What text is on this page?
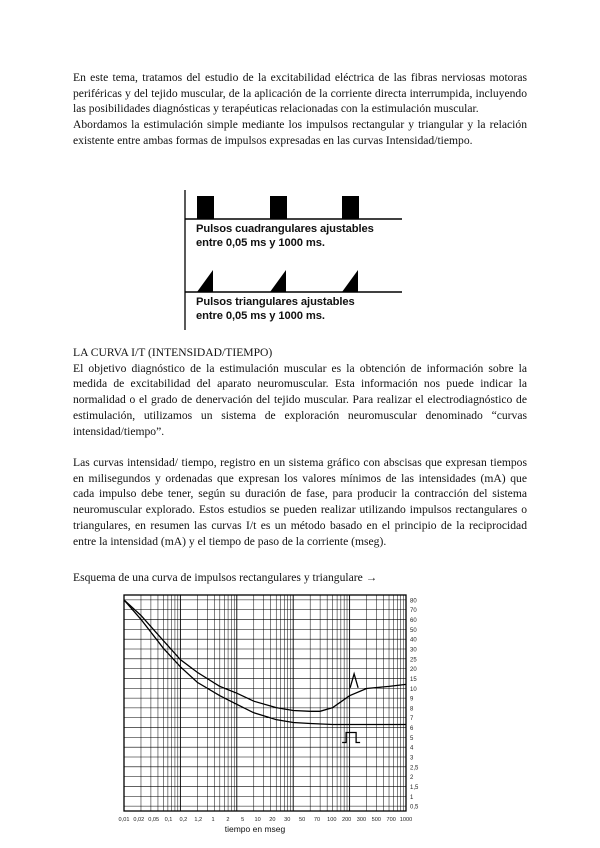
En este tema, tratamos del estudio de la excitabilidad eléctrica de las fibras nerviosas motoras periféricas y del tejido muscular, de la aplicación de la corriente directa interrumpida, incluyendo las posibilidades diagnósticas y terapéuticas relacionadas con la estimulación muscular.

Abordamos la estimulación simple mediante los impulsos rectangular y triangular y la relación existente entre ambas formas de impulsos expresadas en las curvas Intensidad/tiempo.

Pulsos cuadrangulares ajustables
entre 0,05 ms y 1000 ms.
Pulsos triangulares ajustables
entre 0,05 ms y 1000 ms.

LA CURVA I/T (INTENSIDAD/TIEMPO)

El objetivo diagnóstico de la estimulación muscular es la obtención de información sobre la medida de excitabilidad del aparato neuromuscular. Esta información nos puede indicar la normalidad o el grado de denervación del tejido muscular. Para realizar el electrodiagnóstico de estimulación, utilizamos un sistema de exploración neuromuscular denominado “curvas intensidad/tiempo”.

Las curvas intensidad/ tiempo, registro en un sistema gráfico con abscisas que expresan tiempos en milisegundos y ordenadas que expresan los valores mínimos de las intensidades (mA) que cada impulso debe tener, según su duración de fase, para producir la contracción del sistema neuromuscular explorado. Estos estudios se pueden realizar utilizando impulsos rectangulares o triangulares, en resumen las curvas I/t es un método basado en el principio de la reciprocidad entre la intensidad (mA) y el tiempo de paso de la corriente (mseg).

Esquema de una curva de impulsos rectangulares y triangulare →

80
70
60
50
40
30
25
20
15
10
9
8
7
6
5
4
3
2,5
2
1,5
1
0,5
0,01 0,02 0,05 0,1 0,2 1,2 1 2 5 10 20 30 50 70 100 200 300 500 700 1000
tiempo en mseg
